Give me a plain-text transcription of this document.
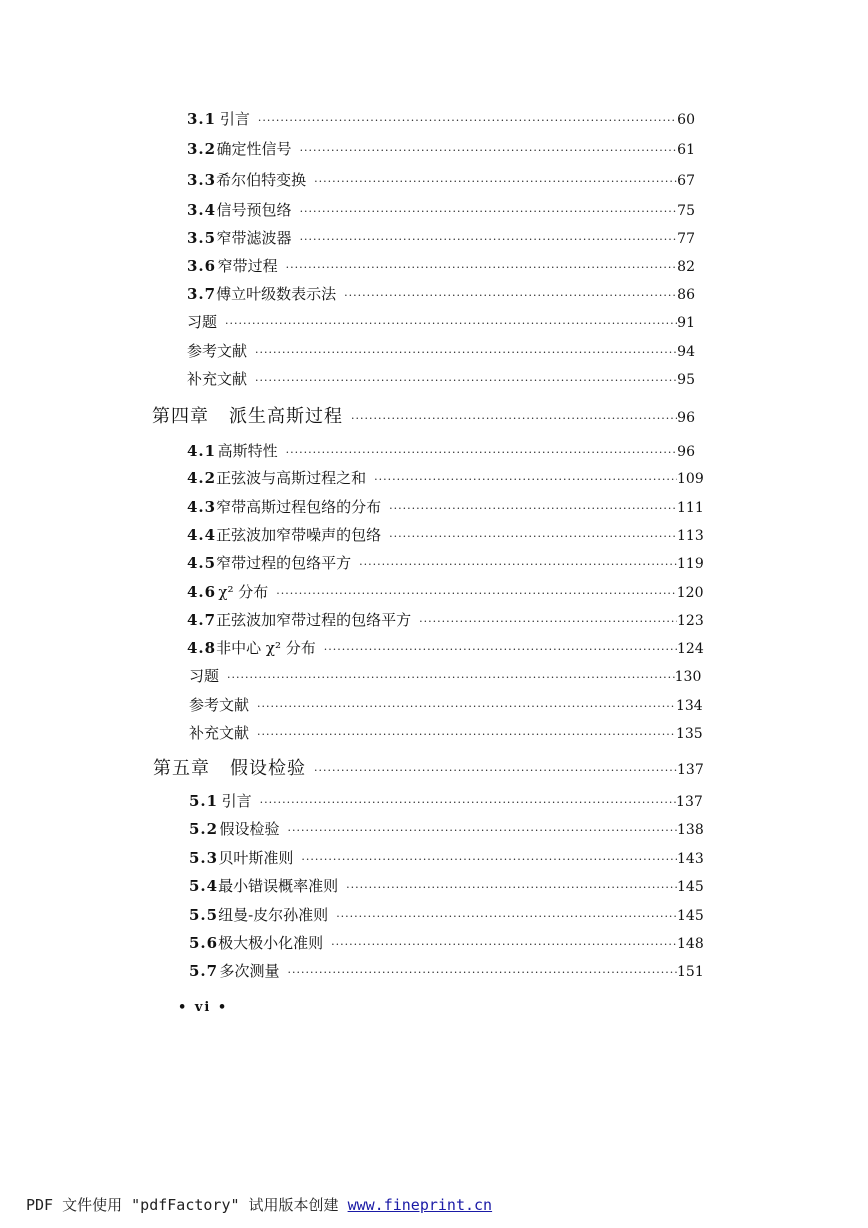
3.1 引言 ·····	60
3.2 确定性信号 ·····	61
3.3 希尔伯特变换 ·····	67
3.4 信号预包络 ·····	75
3.5 窄带滤波器 ·····	77
3.6 窄带过程 ·····	82
3.7 傅立叶级数表示法 ·····	86
习题 ·····	91
参考文献 ·····	94
补充文献 ·····	95
第四章	派生高斯过程 ·····	96
4.1 高斯特性 ·····	96
4.2 正弦波与高斯过程之和 ·····	109
4.3 窄带高斯过程包络的分布 ·····	111
4.4 正弦波加窄带噪声的包络 ·····	113
4.5 窄带过程的包络平方 ·····	119
4.6 χ² 分布 ·····	120
4.7 正弦波加窄带过程的包络平方 ·····	123
4.8 非中心 χ² 分布 ·····	124
习题 ·····	130
参考文献 ·····	134
补充文献 ·····	135
第五章	假设检验 ·····	137
5.1 引言 ·····	137
5.2 假设检验 ·····	138
5.3 贝叶斯准则 ·····	143
5.4 最小错误概率准则 ·····	145
5.5 纽曼-皮尔孙准则 ·····	145
5.6 极大极小化准则 ·····	148
5.7 多次测量 ·····	151
• vi •
PDF 文件使用 "pdfFactory" 试用版本创建 www.fineprint.cn
